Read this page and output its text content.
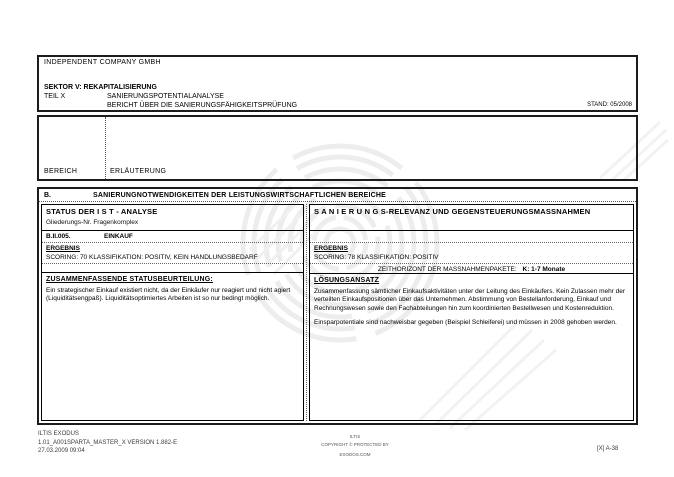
INDEPENDENT COMPANY GMBH
SEKTOR V: REKAPITALISIERUNG
TEIL X	SANIERUNGSPOTENTIALANALYSE
BERICHT ÜBER DIE SANIERUNGSFÄHIGKEITSPRÜFUNG	STAND: 05/2008
BEREICH	ERLÄUTERUNG
B.	SANIERUNGNOTWENDIGKEITEN DER LEISTUNGSWIRTSCHAFTLICHEN BEREICHE
STATUS DER I S T - ANALYSE
Gliederungs-Nr. Fragenkomplex
B.II.005.	EINKAUF
ERGEBNIS
SCORING: 70 KLASSIFIKATION: POSITIV, KEIN HANDLUNGSBEDARF
ZUSAMMENFASSENDE STATUSBEURTEILUNG:

Ein strategischer Einkauf existiert nicht, da der Einkäufer nur reagiert und nicht agiert (Liquiditätsengpaß). Liquiditätsoptimiertes Arbeiten ist so nur bedingt möglich.

S A N I E R U N G S-RELEVANZ UND GEGENSTEUERUNGSMASSNAHMEN
ERGEBNIS
SCORING: 78 KLASSIFIKATION: POSITIV
ZEITHORIZONT DER MASSNAHMENPAKETE: K: 1-7 Monate
LÖSUNGSANSATZ

Zusammenfassung sämtlicher Einkaufsaktivitäten unter der Leitung des Einkäufers. Kein Zulassen mehr der verteilten Einkaufspositionen über das Unternehmen. Abstimmung von Bestellanforderung, Einkauf und Rechnungswesen sowie den Fachabteilungen hin zum koordinierten Bestellwesen und Kostenreduktion.

Einsparpotentiale sind nachweisbar gegeben (Beispiel Schleiferei) und müssen in 2008 gehoben werden.

ILTIS EXODUS
1.01_A001SPARTA_MASTER_X VERSION 1.882-E
27.03.2009 09:04
ILTIS
COPYRIGHT © PROTECTED BY
EXODOS.COM
[X] A-38
